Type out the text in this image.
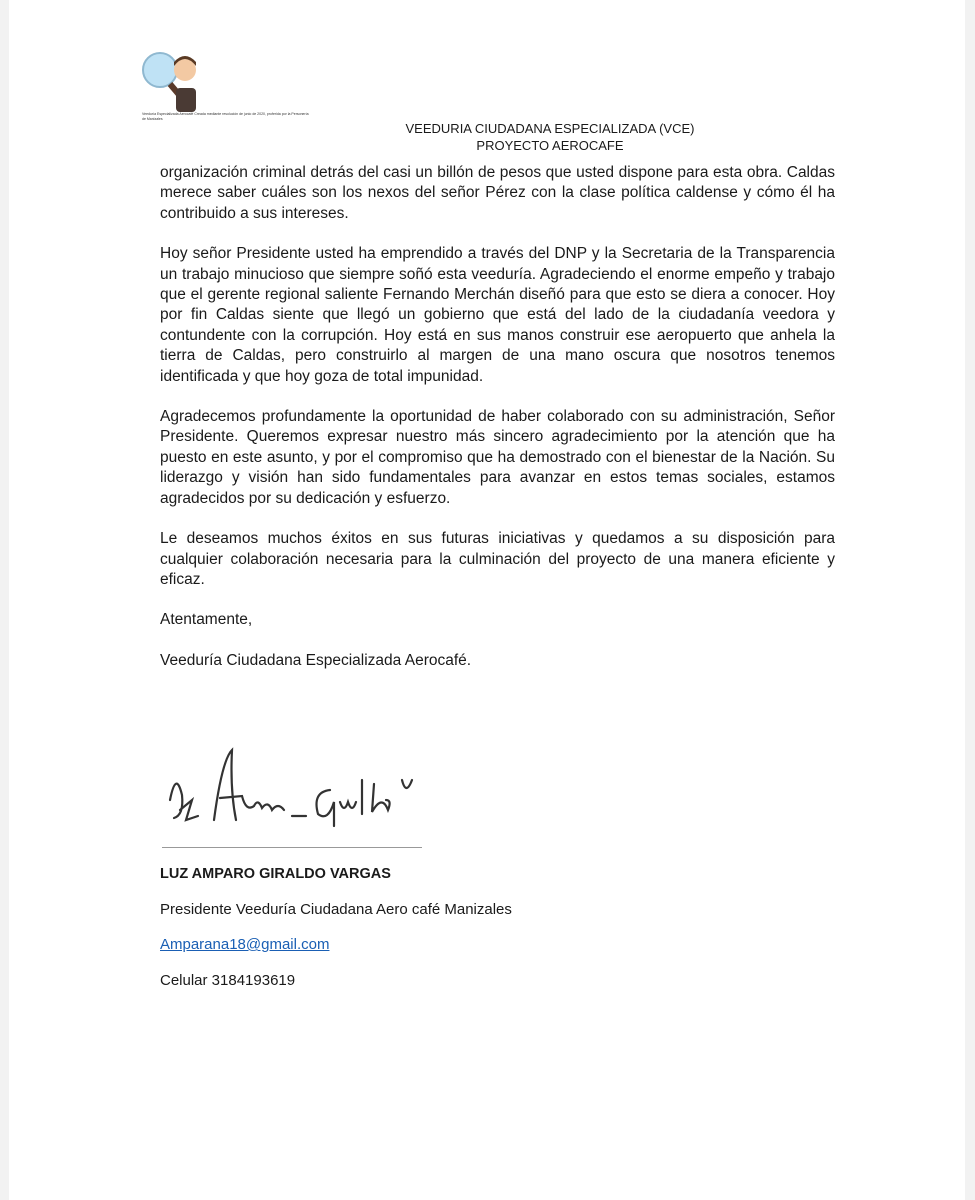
Veeduría Especializada Aerocafé Creada mediante resolución de junio de 2020, proferida por la Personería de Manizales
VEEDURIA CIUDADANA ESPECIALIZADA (VCE)
PROYECTO AEROCAFE

organización criminal detrás del casi un billón de pesos que usted dispone para esta obra. Caldas merece saber cuáles son los nexos del señor Pérez con la clase política caldense y cómo él ha contribuido a sus intereses.

Hoy señor Presidente usted ha emprendido a través del DNP y la Secretaria de la Transparencia un trabajo minucioso que siempre soñó esta veeduría. Agradeciendo el enorme empeño y trabajo que el gerente regional saliente Fernando Merchán diseñó para que esto se diera a conocer. Hoy por fin Caldas siente que llegó un gobierno que está del lado de la ciudadanía veedora y contundente con la corrupción. Hoy está en sus manos construir ese aeropuerto que anhela la tierra de Caldas, pero construirlo al margen de una mano oscura que nosotros tenemos identificada y que hoy goza de total impunidad.

Agradecemos profundamente la oportunidad de haber colaborado con su administración, Señor Presidente. Queremos expresar nuestro más sincero agradecimiento por la atención que ha puesto en este asunto, y por el compromiso que ha demostrado con el bienestar de la Nación. Su liderazgo y visión han sido fundamentales para avanzar en estos temas sociales, estamos agradecidos por su dedicación y esfuerzo.

Le deseamos muchos éxitos en sus futuras iniciativas y quedamos a su disposición para cualquier colaboración necesaria para la culminación del proyecto de una manera eficiente y eficaz.

Atentamente,

Veeduría Ciudadana Especializada Aerocafé.

LUZ AMPARO GIRALDO VARGAS
Presidente Veeduría Ciudadana Aero café Manizales
Amparana18@gmail.com
Celular 3184193619
